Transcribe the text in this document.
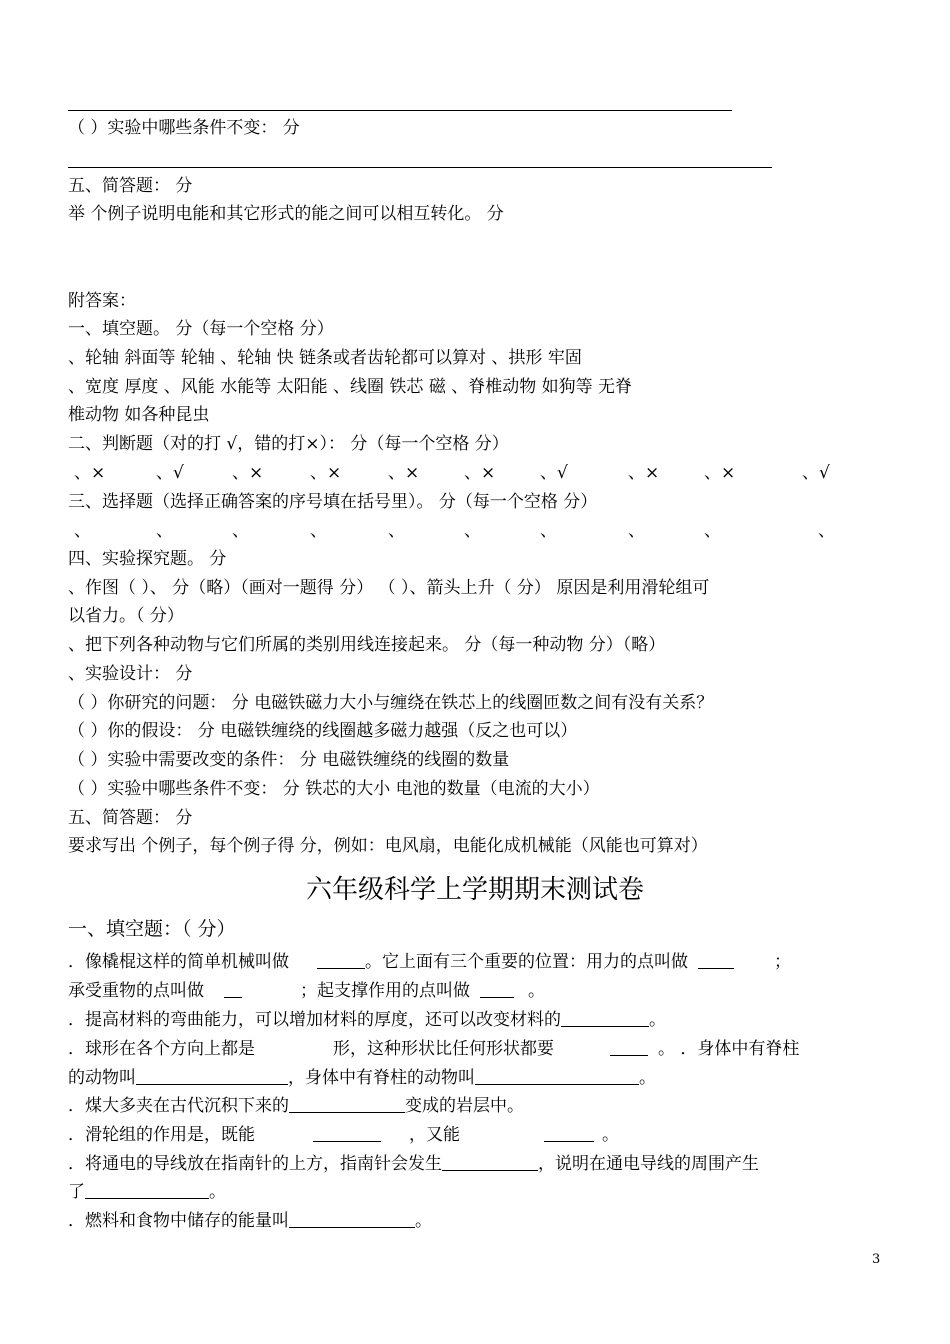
（ ）实验中哪些条件不变： 分
五、简答题： 分
举 个例子说明电能和其它形式的能之间可以相互转化。 分
附答案：
一、填空题。 分（每一个空格 分）
、轮轴 斜面等 轮轴 、轮轴 快 链条或者齿轮都可以算对 、拱形 牢固
、宽度 厚度 、风能 水能等 太阳能 、线圈 铁芯 磁 、脊椎动物 如狗等 无脊
椎动物 如各种昆虫
二、判断题（对的打 √，错的打×）： 分（每一个空格 分）
、×	、√	、×	、×	、×	、×	、√	、×	、×	、√
三、选择题（选择正确答案的序号填在括号里）。 分（每一个空格 分）
、	、	、	、	、	、	、	、	、	、
四、实验探究题。 分
、作图（ ）、 分（略）（画对一题得 分） （ ）、箭头上升（ 分） 原因是利用滑轮组可
以省力。（ 分）
、把下列各种动物与它们所属的类别用线连接起来。 分（每一种动物 分）（略）
、实验设计： 分
（ ）你研究的问题： 分 电磁铁磁力大小与缠绕在铁芯上的线圈匝数之间有没有关系？
（ ）你的假设： 分 电磁铁缠绕的线圈越多磁力越强（反之也可以）
（ ）实验中需要改变的条件： 分 电磁铁缠绕的线圈的数量
（ ）实验中哪些条件不变： 分 铁芯的大小 电池的数量（电流的大小）
五、简答题： 分
要求写出 个例子，每个例子得 分，例如：电风扇，电能化成机械能（风能也可算对）
六年级科学上学期期末测试卷
一、填空题：（ 分）
．像橇棍这样的简单机械叫做	。它上面有三个重要的位置：用力的点叫做	；
承受重物的点叫做	；起支撑作用的点叫做	。
．提高材料的弯曲能力，可以增加材料的厚度，还可以改变材料的	。
．球形在各个方向上都是	形，这种形状比任何形状都要	。 ．身体中有脊柱
的动物叫	，身体中有脊柱的动物叫	。
．煤大多夹在古代沉积下来的	变成的岩层中。
．滑轮组的作用是，既能	，又能	。
．将通电的导线放在指南针的上方，指南针会发生	，说明在通电导线的周围产生
了	。
．燃料和食物中储存的能量叫	。
3
